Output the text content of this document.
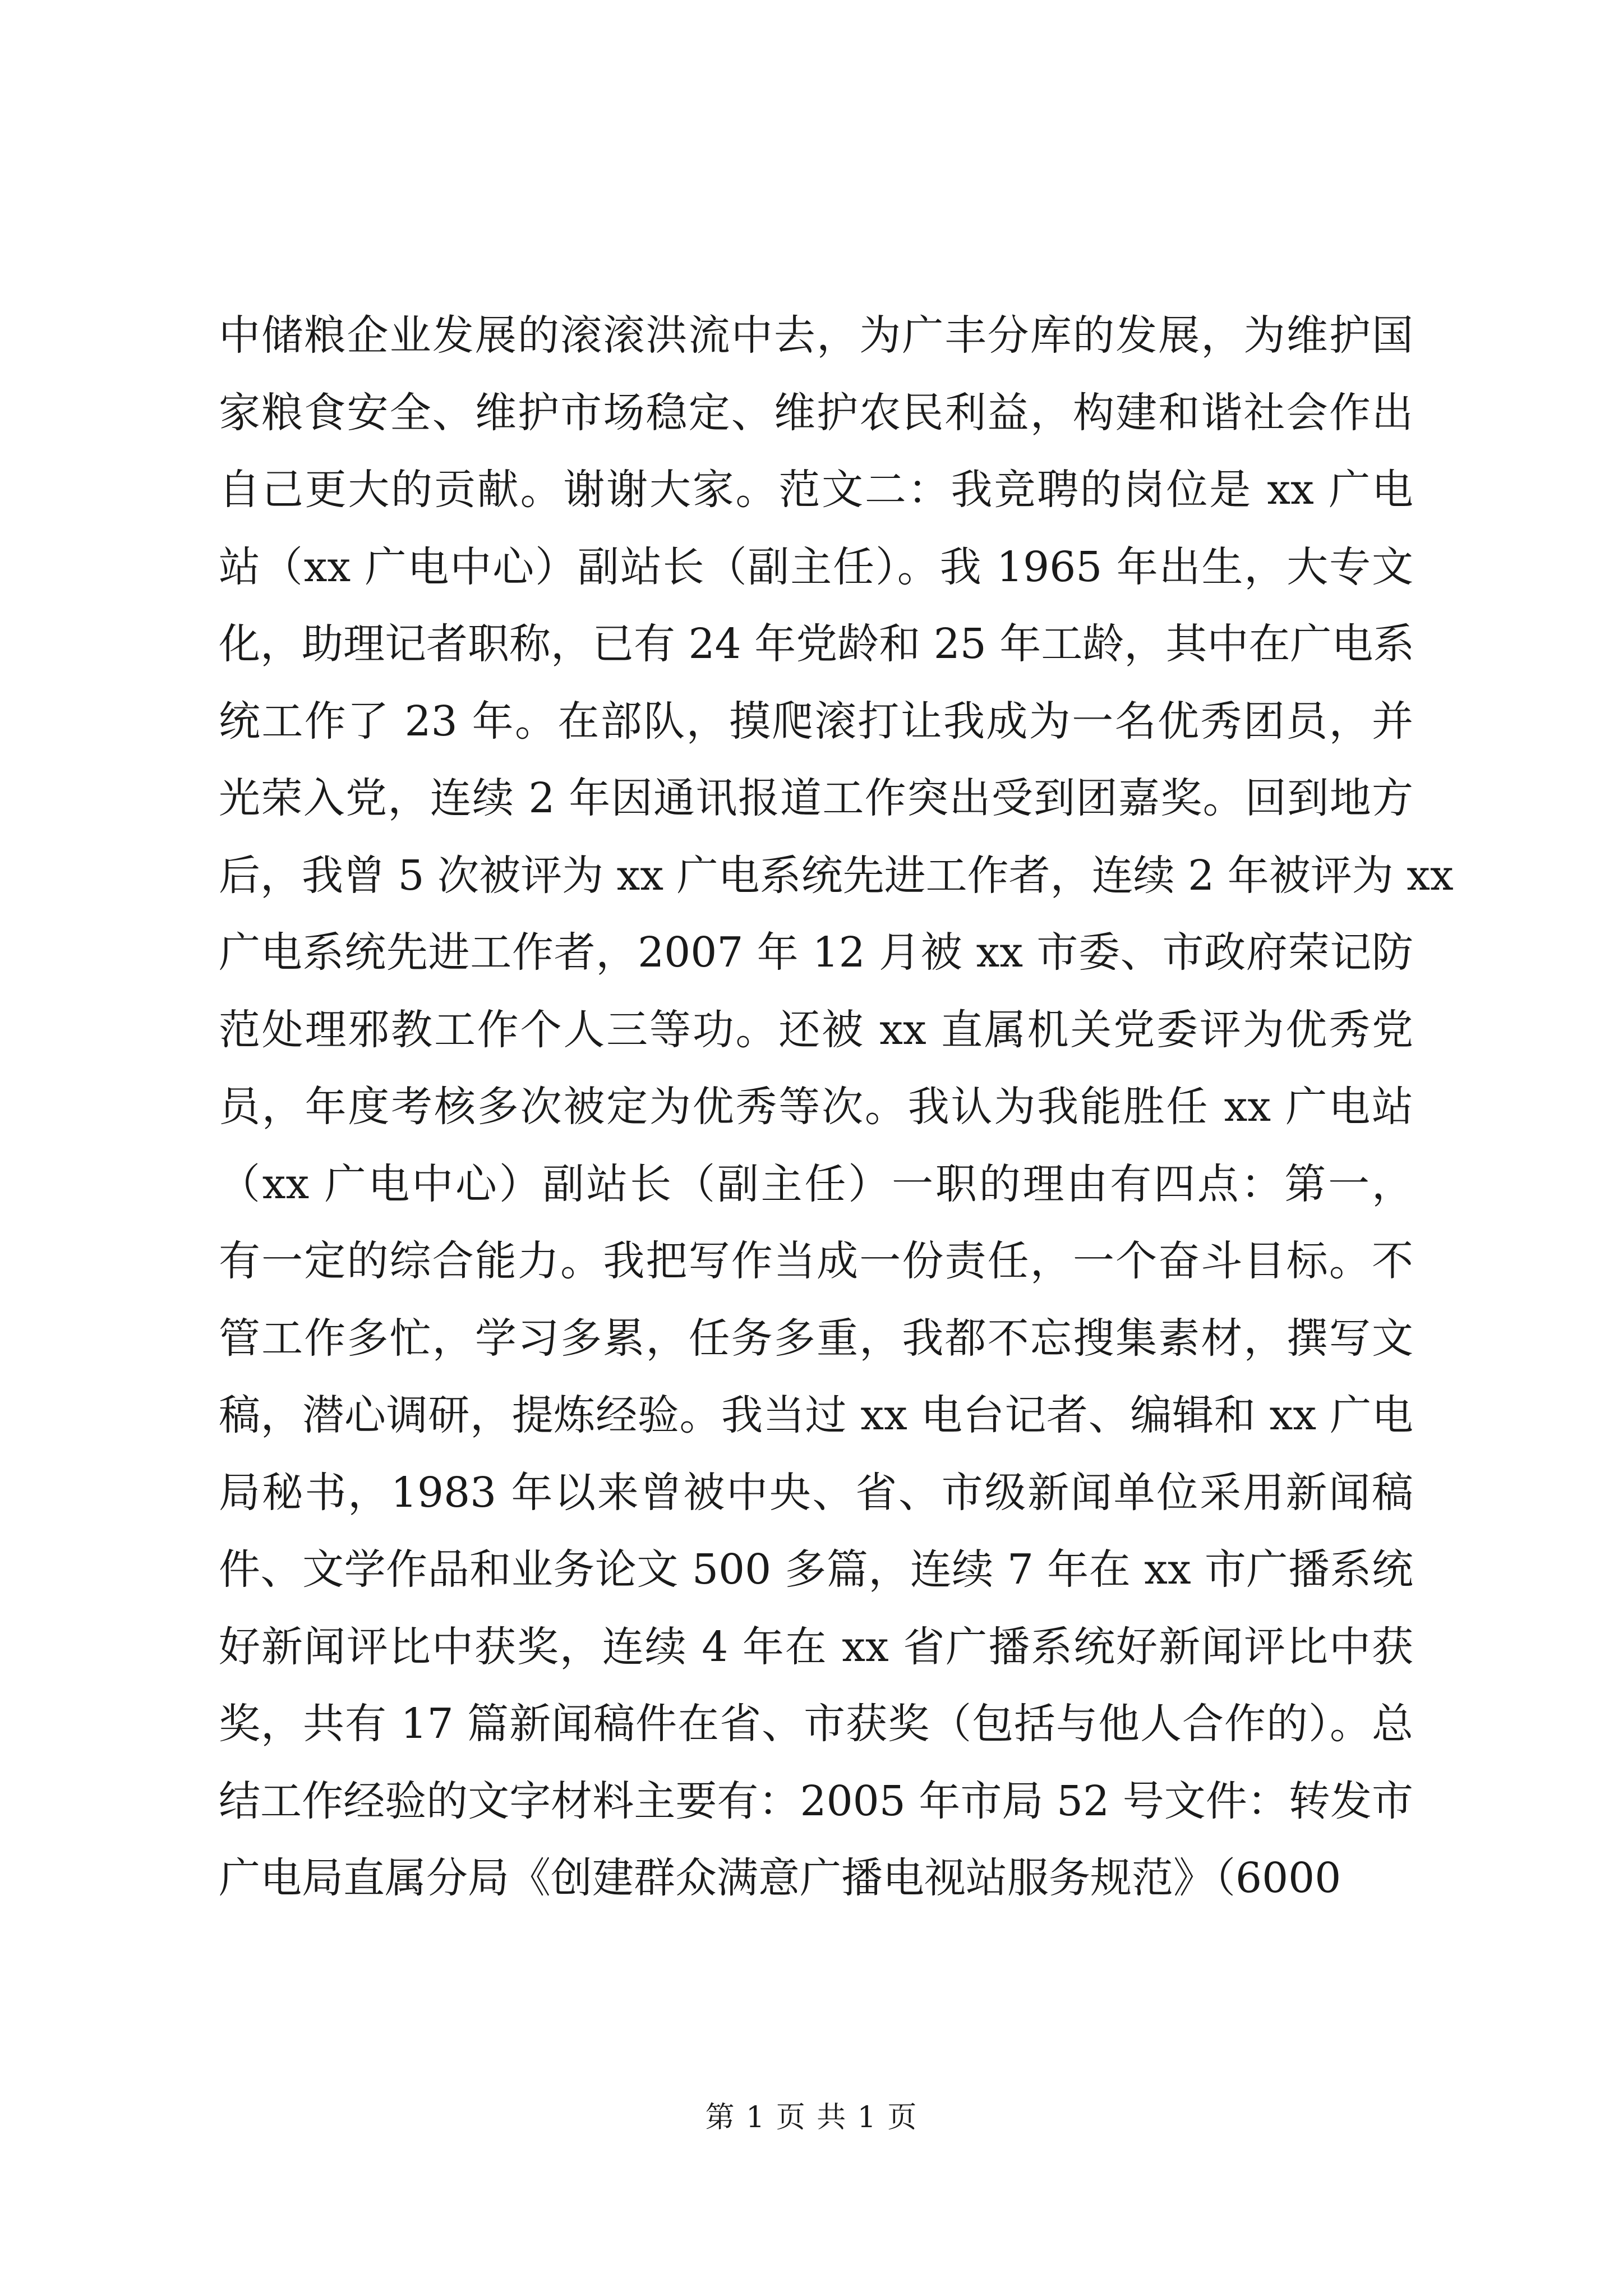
中储粮企业发展的滚滚洪流中去，为广丰分库的发展，为维护国
家粮食安全、维护市场稳定、维护农民利益，构建和谐社会作出
自己更大的贡献。谢谢大家。范文二：我竞聘的岗位是 xx 广电
站（xx 广电中心）副站长（副主任）。我 1965 年出生，大专文
化，助理记者职称，已有 24 年党龄和 25 年工龄，其中在广电系
统工作了 23 年。在部队，摸爬滚打让我成为一名优秀团员，并
光荣入党，连续 2 年因通讯报道工作突出受到团嘉奖。回到地方
后，我曾 5 次被评为 xx 广电系统先进工作者，连续 2 年被评为 xx
广电系统先进工作者，2007 年 12 月被 xx 市委、市政府荣记防
范处理邪教工作个人三等功。还被 xx 直属机关党委评为优秀党
员，年度考核多次被定为优秀等次。我认为我能胜任 xx 广电站
（xx 广电中心）副站长（副主任）一职的理由有四点：第一，
有一定的综合能力。我把写作当成一份责任，一个奋斗目标。不
管工作多忙，学习多累，任务多重，我都不忘搜集素材，撰写文
稿，潜心调研，提炼经验。我当过 xx 电台记者、编辑和 xx 广电
局秘书，1983 年以来曾被中央、省、市级新闻单位采用新闻稿
件、文学作品和业务论文 500 多篇，连续 7 年在 xx 市广播系统
好新闻评比中获奖，连续 4 年在 xx 省广播系统好新闻评比中获
奖，共有 17 篇新闻稿件在省、市获奖（包括与他人合作的）。总
结工作经验的文字材料主要有：2005 年市局 52 号文件：转发市
广电局直属分局《创建群众满意广播电视站服务规范》（6000
第 1 页 共 1 页
